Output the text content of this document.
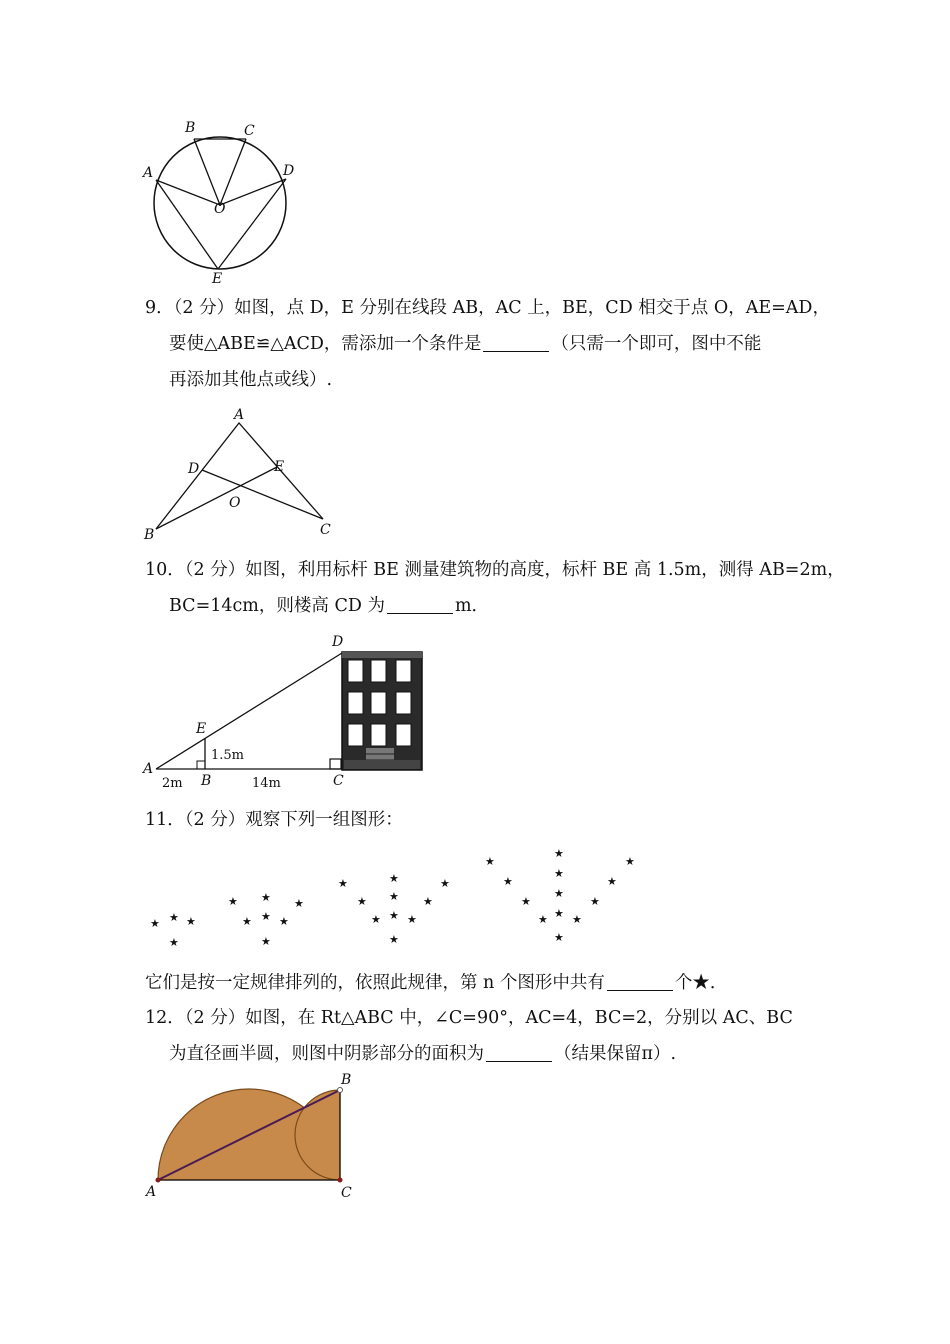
A
B	C
D
O
E
9．（2 分）如图，点 D，E 分别在线段 AB，AC 上，BE，CD 相交于点 O，AE=AD，
要使△ABE≌△ACD，需添加一个条件是	（只需一个即可，图中不能
再添加其他点或线）.
A
D	E
O
B	C
10．（2 分）如图，利用标杆 BE 测量建筑物的高度，标杆 BE 高 1.5m，测得 AB=2m，
BC=14cm，则楼高 CD 为	m．
D
E
1.5m
A
B	C
2m	14m
11．（2 分）观察下列一组图形：
★ ★ ★
★
★
★
★
★ ★
★
★
★
★
★
★
★
★ ★
★
★
★
★
★
★
★
★
★
★
★ ★
★
★
★
★
它们是按一定规律排列的，依照此规律，第 n 个图形中共有	个★．
12．（2 分）如图，在 Rt△ABC 中，∠C=90°，AC=4，BC=2，分别以 AC、BC
为直径画半圆，则图中阴影部分的面积为	（结果保留π）.
A
B
C
